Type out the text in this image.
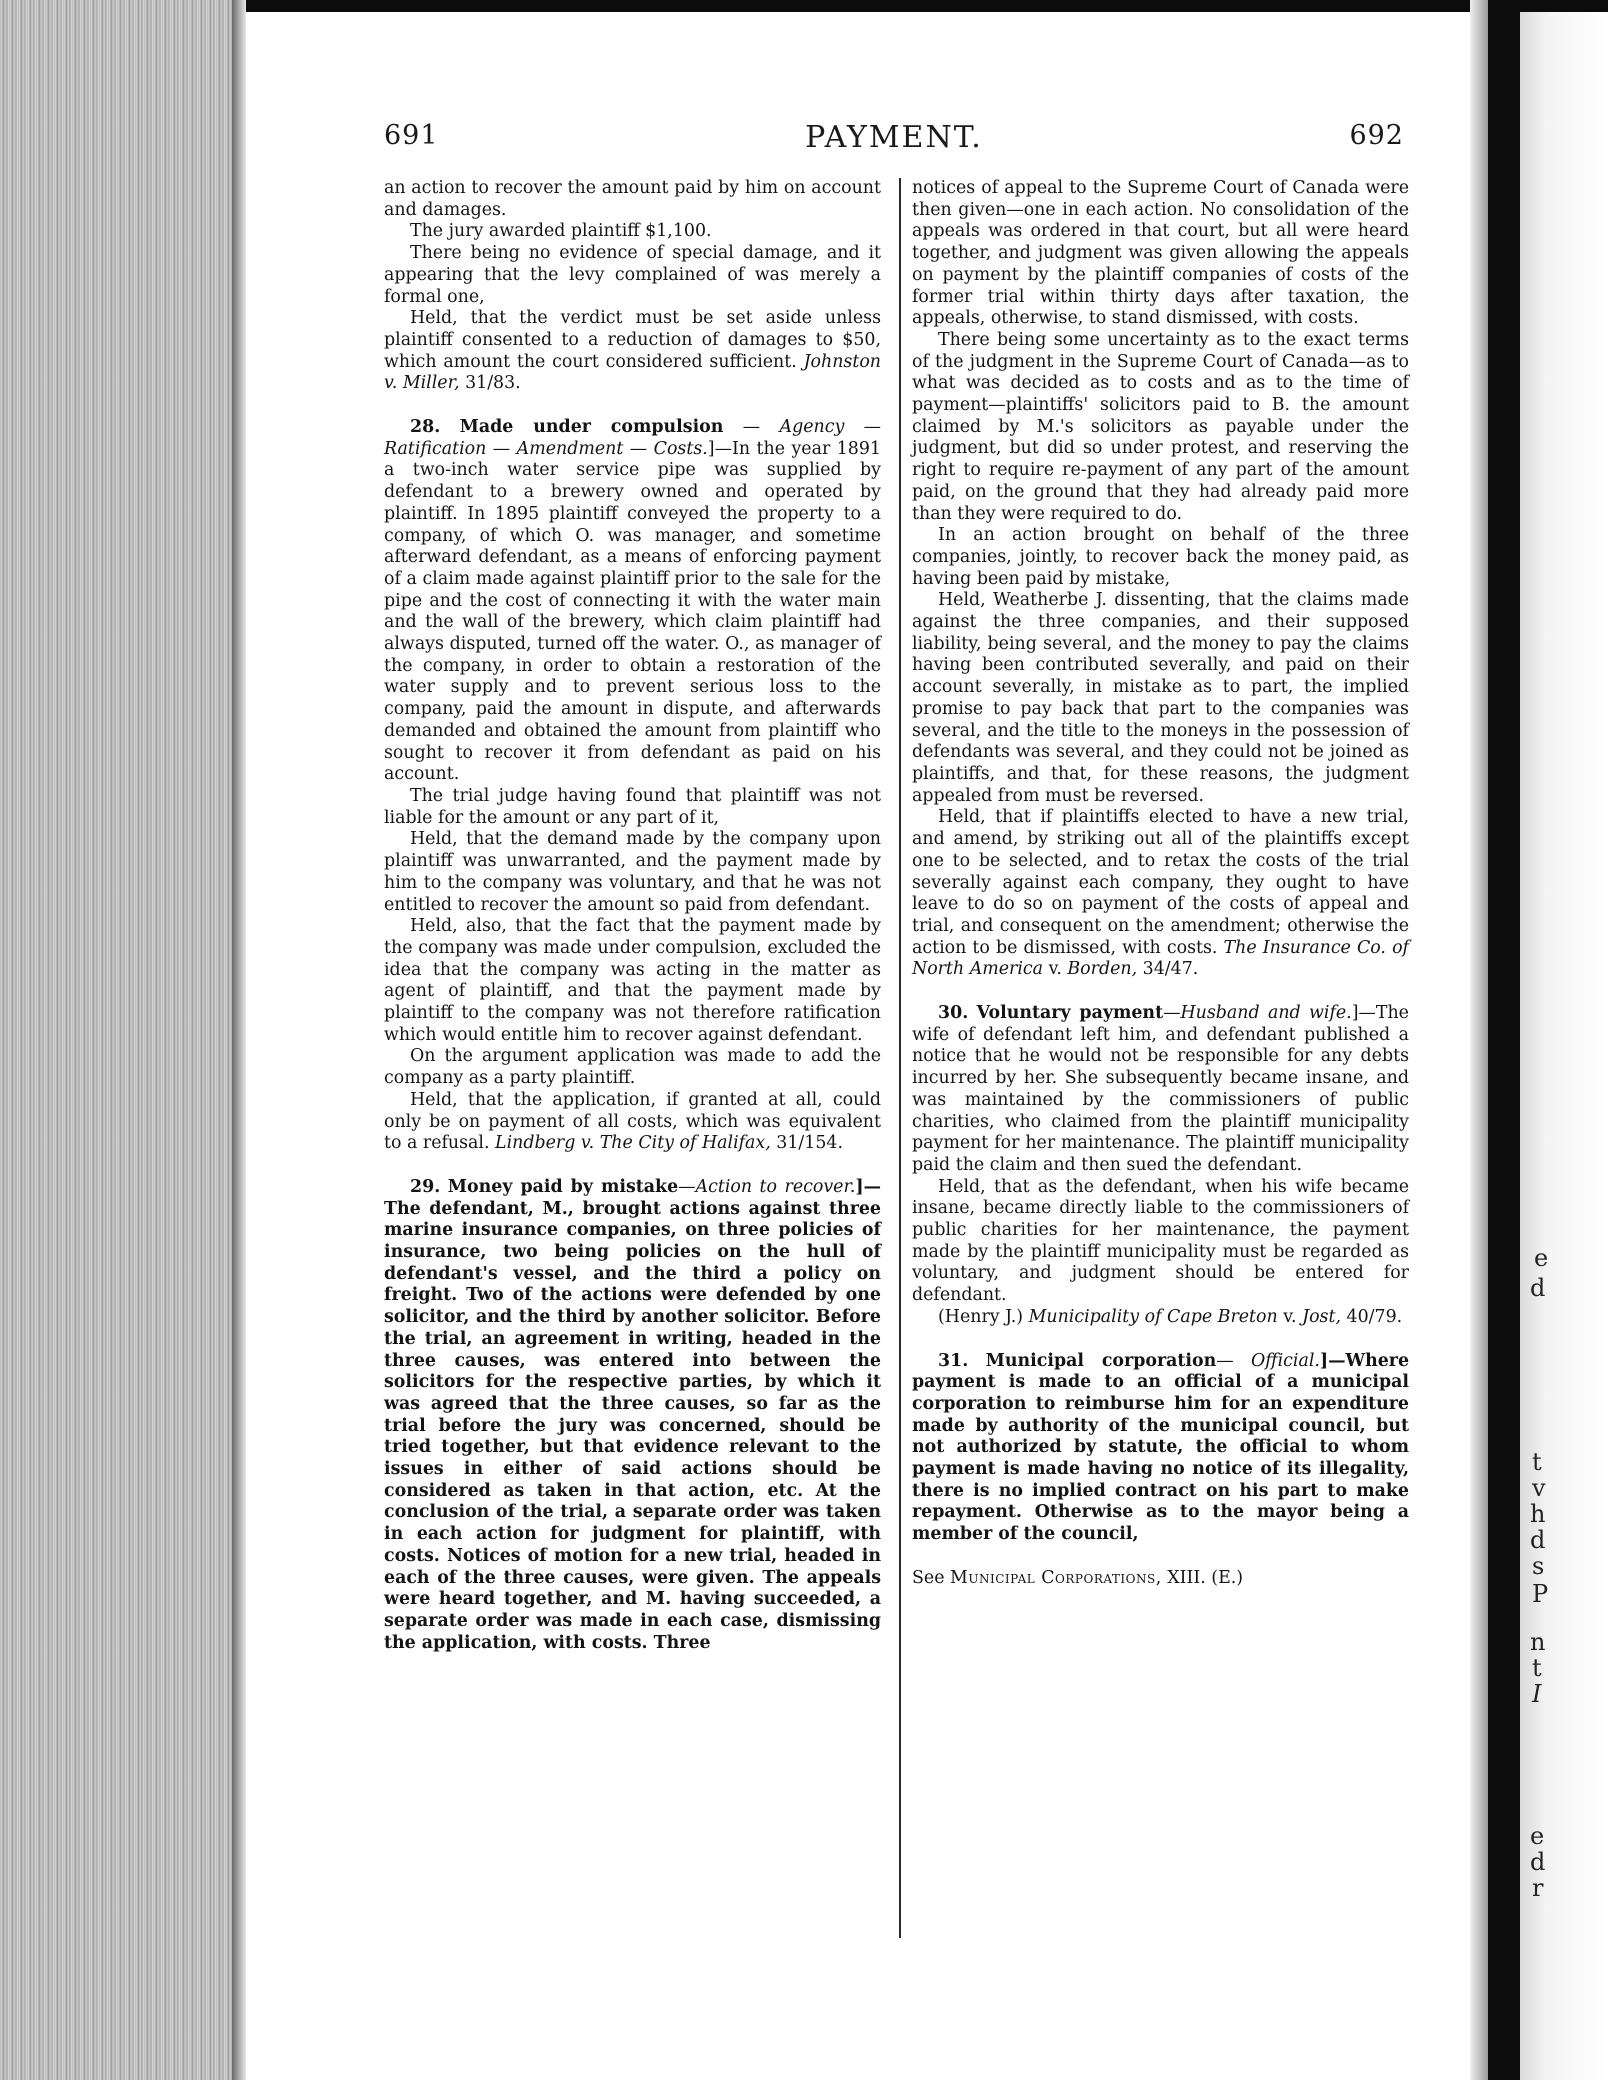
e
d
t
v
h
d
s
P
n
t
I
e
d
r
691	PAYMENT.	692

an action to recover the amount paid by him on account and damages.

The jury awarded plaintiff $1,100.

There being no evidence of special damage, and it appearing that the levy complained of was merely a formal one,

Held, that the verdict must be set aside unless plaintiff consented to a reduction of damages to $50, which amount the court considered sufficient. Johnston v. Miller, 31/83.

28. Made under compulsion — Agency —Ratification — Amendment — Costs.]—In the year 1891 a two-inch water service pipe was supplied by defendant to a brewery owned and operated by plaintiff. In 1895 plaintiff conveyed the property to a company, of which O. was manager, and sometime afterward defendant, as a means of enforcing payment of a claim made against plaintiff prior to the sale for the pipe and the cost of connecting it with the water main and the wall of the brewery, which claim plaintiff had always disputed, turned off the water. O., as manager of the company, in order to obtain a restoration of the water supply and to prevent serious loss to the company, paid the amount in dispute, and afterwards demanded and obtained the amount from plaintiff who sought to recover it from defendant as paid on his account.

The trial judge having found that plaintiff was not liable for the amount or any part of it,

Held, that the demand made by the company upon plaintiff was unwarranted, and the payment made by him to the company was voluntary, and that he was not entitled to recover the amount so paid from defendant.

Held, also, that the fact that the payment made by the company was made under compulsion, excluded the idea that the company was acting in the matter as agent of plaintiff, and that the payment made by plaintiff to the company was not therefore ratification which would entitle him to recover against defendant.

On the argument application was made to add the company as a party plaintiff.

Held, that the application, if granted at all, could only be on payment of all costs, which was equivalent to a refusal. Lindberg v. The City of Halifax, 31/154.

29. Money paid by mistake—Action to recover.]—The defendant, M., brought actions against three marine insurance companies, on three policies of insurance, two being policies on the hull of defendant's vessel, and the third a policy on freight. Two of the actions were defended by one solicitor, and the third by another solicitor. Before the trial, an agreement in writing, headed in the three causes, was entered into between the solicitors for the respective parties, by which it was agreed that the three causes, so far as the trial before the jury was concerned, should be tried together, but that evidence relevant to the issues in either of said actions should be considered as taken in that action, etc. At the conclusion of the trial, a separate order was taken in each action for judgment for plaintiff, with costs. Notices of motion for a new trial, headed in each of the three causes, were given. The appeals were heard together, and M. having succeeded, a separate order was made in each case, dismissing the application, with costs. Three

notices of appeal to the Supreme Court of Canada were then given—one in each action. No consolidation of the appeals was ordered in that court, but all were heard together, and judgment was given allowing the appeals on payment by the plaintiff companies of costs of the former trial within thirty days after taxation, the appeals, otherwise, to stand dismissed, with costs.

There being some uncertainty as to the exact terms of the judgment in the Supreme Court of Canada—as to what was decided as to costs and as to the time of payment—plaintiffs' solicitors paid to B. the amount claimed by M.'s solicitors as payable under the judgment, but did so under protest, and reserving the right to require re-payment of any part of the amount paid, on the ground that they had already paid more than they were required to do.

In an action brought on behalf of the three companies, jointly, to recover back the money paid, as having been paid by mistake,

Held, Weatherbe J. dissenting, that the claims made against the three companies, and their supposed liability, being several, and the money to pay the claims having been contributed severally, and paid on their account severally, in mistake as to part, the implied promise to pay back that part to the companies was several, and the title to the moneys in the possession of defendants was several, and they could not be joined as plaintiffs, and that, for these reasons, the judgment appealed from must be reversed.

Held, that if plaintiffs elected to have a new trial, and amend, by striking out all of the plaintiffs except one to be selected, and to retax the costs of the trial severally against each company, they ought to have leave to do so on payment of the costs of appeal and trial, and consequent on the amendment; otherwise the action to be dismissed, with costs. The Insurance Co. of North America v. Borden, 34/47.

30. Voluntary payment—Husband and wife.]—The wife of defendant left him, and defendant published a notice that he would not be responsible for any debts incurred by her. She subsequently became insane, and was maintained by the commissioners of public charities, who claimed from the plaintiff municipality payment for her maintenance. The plaintiff municipality paid the claim and then sued the defendant.

Held, that as the defendant, when his wife became insane, became directly liable to the commissioners of public charities for her maintenance, the payment made by the plaintiff municipality must be regarded as voluntary, and judgment should be entered for defendant.

(Henry J.) Municipality of Cape Breton v. Jost, 40/79.

31. Municipal corporation— Official.]—Where payment is made to an official of a municipal corporation to reimburse him for an expenditure made by authority of the municipal council, but not authorized by statute, the official to whom payment is made having no notice of its illegality, there is no implied contract on his part to make repayment. Otherwise as to the mayor being a member of the council,

See Municipal Corporations, XIII. (E.)
